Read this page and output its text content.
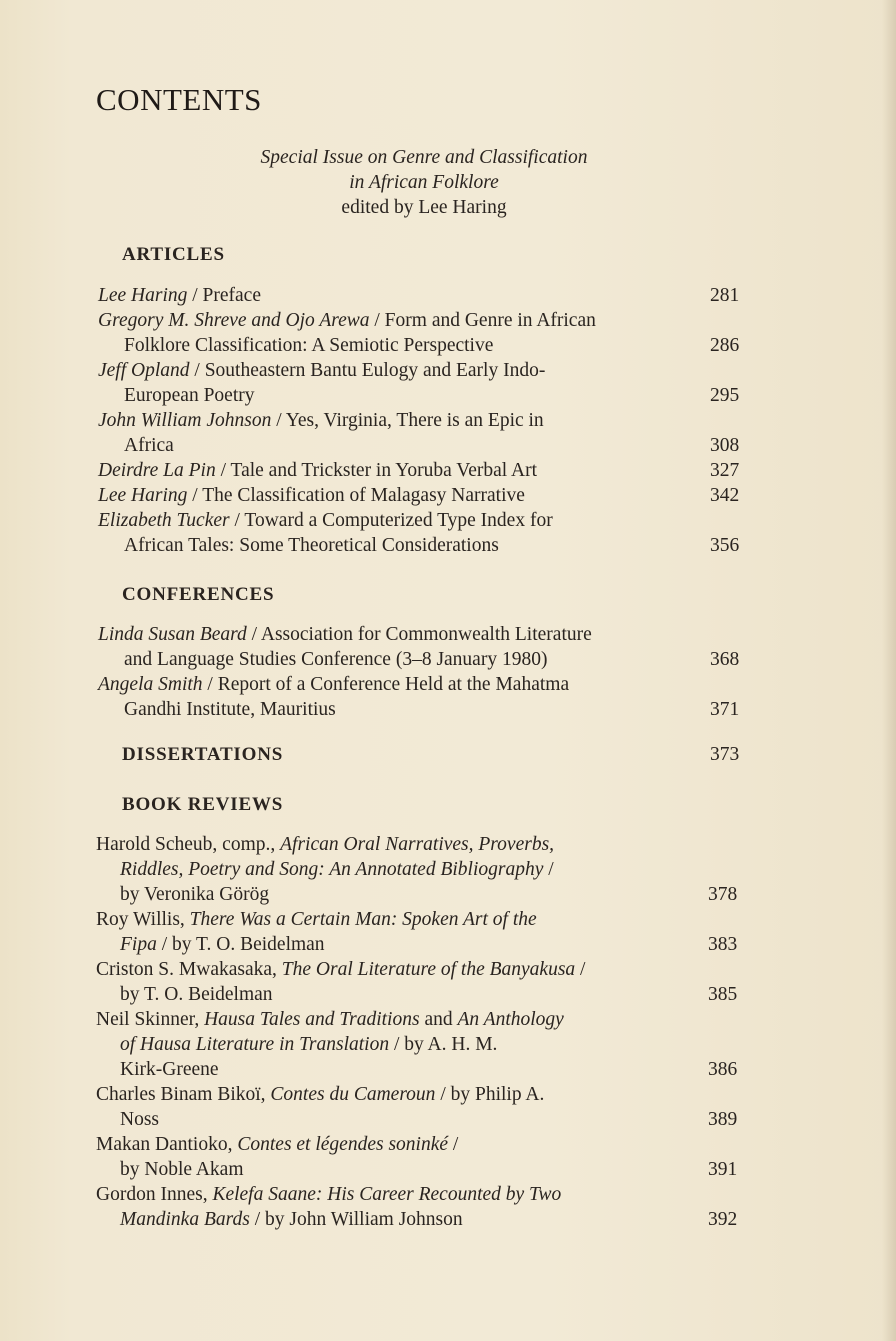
CONTENTS
Special Issue on Genre and Classification
in African Folklore
edited by Lee Haring
ARTICLES
Lee Haring / Preface	281
Gregory M. Shreve and Ojo Arewa / Form and Genre in African
Folklore Classification: A Semiotic Perspective	286
Jeff Opland / Southeastern Bantu Eulogy and Early Indo-
European Poetry	295
John William Johnson / Yes, Virginia, There is an Epic in
Africa	308
Deirdre La Pin / Tale and Trickster in Yoruba Verbal Art	327
Lee Haring / The Classification of Malagasy Narrative	342
Elizabeth Tucker / Toward a Computerized Type Index for
African Tales: Some Theoretical Considerations	356
CONFERENCES
Linda Susan Beard / Association for Commonwealth Literature
and Language Studies Conference (3–8 January 1980)	368
Angela Smith / Report of a Conference Held at the Mahatma
Gandhi Institute, Mauritius	371
DISSERTATIONS	373
BOOK REVIEWS
Harold Scheub, comp., African Oral Narratives, Proverbs,
Riddles, Poetry and Song: An Annotated Bibliography /
by Veronika Görög	378
Roy Willis, There Was a Certain Man: Spoken Art of the
Fipa / by T. O. Beidelman	383
Criston S. Mwakasaka, The Oral Literature of the Banyakusa /
by T. O. Beidelman	385
Neil Skinner, Hausa Tales and Traditions and An Anthology
of Hausa Literature in Translation / by A. H. M.
Kirk-Greene	386
Charles Binam Bikoï, Contes du Cameroun / by Philip A.
Noss	389
Makan Dantioko, Contes et légendes soninké /
by Noble Akam	391
Gordon Innes, Kelefa Saane: His Career Recounted by Two
Mandinka Bards / by John William Johnson	392
